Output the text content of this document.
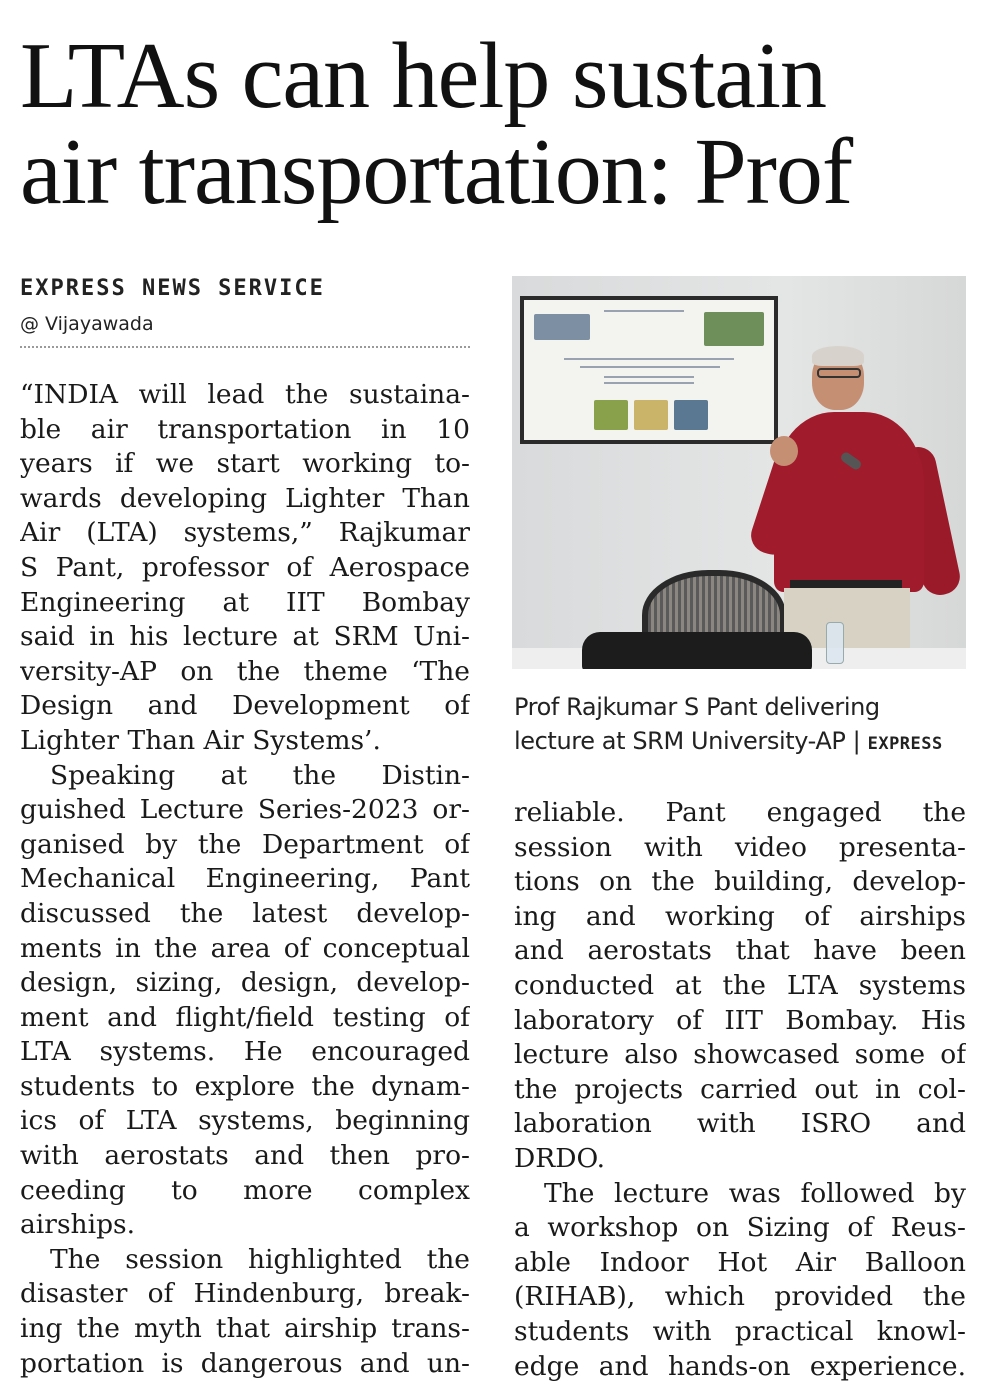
LTAs can help sustain
air transportation: Prof
EXPRESS NEWS SERVICE
@ Vijayawada
“INDIA will lead the sustaina-
ble air transportation in 10
years if we start working to-
wards developing Lighter Than
Air (LTA) systems,” Rajkumar
S Pant, professor of Aerospace
Engineering at IIT Bombay
said in his lecture at SRM Uni-
versity-AP on the theme ‘The
Design and Development of
Lighter Than Air Systems’.
Speaking at the Distin-
guished Lecture Series-2023 or-
ganised by the Department of
Mechanical Engineering, Pant
discussed the latest develop-
ments in the area of conceptual
design, sizing, design, develop-
ment and flight/field testing of
LTA systems. He encouraged
students to explore the dynam-
ics of LTA systems, beginning
with aerostats and then pro-
ceeding to more complex
airships.
The session highlighted the
disaster of Hindenburg, break-
ing the myth that airship trans-
portation is dangerous and un-
Prof Rajkumar S Pant delivering lecture at SRM University-AP | EXPRESS
reliable. Pant engaged the
session with video presenta-
tions on the building, develop-
ing and working of airships
and aerostats that have been
conducted at the LTA systems
laboratory of IIT Bombay. His
lecture also showcased some of
the projects carried out in col-
laboration with ISRO and
DRDO.
The lecture was followed by
a workshop on Sizing of Reus-
able Indoor Hot Air Balloon
(RIHAB), which provided the
students with practical knowl-
edge and hands-on experience.
